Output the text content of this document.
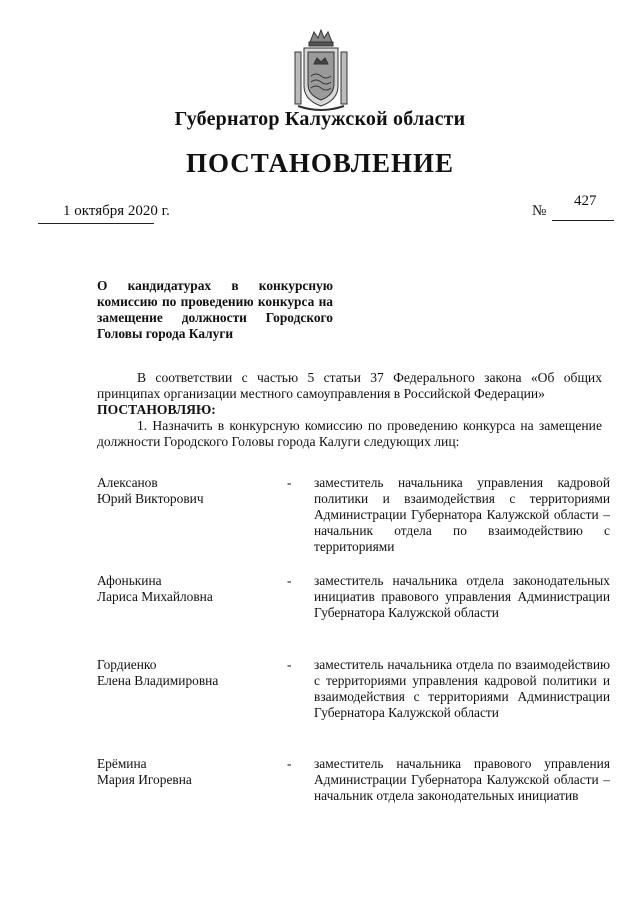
Губернатор Калужской области
ПОСТАНОВЛЕНИЕ
1 октября 2020 г.	№
427
О кандидатурах в конкурсную комиссию по проведению конкурса на замещение должности Городского Головы города Калуги

В соответствии с частью 5 статьи 37 Федерального закона «Об общих принципах организации местного самоуправления в Российской Федерации»

ПОСТАНОВЛЯЮ:

1. Назначить в конкурсную комиссию по проведению конкурса на замещение должности Городского Головы города Калуги следующих лиц:

Алексанов
Юрий Викторович
- заместитель начальника управления кадровой политики и взаимодействия с территориями Администрации Губернатора Калужской области – начальник отдела по взаимодействию с территориями
Афонькина
Лариса Михайловна
- заместитель начальника отдела законодательных инициатив правового управления Администрации Губернатора Калужской области
Гордиенко
Елена Владимировна
- заместитель начальника отдела по взаимодействию с территориями управления кадровой политики и взаимодействия с территориями Администрации Губернатора Калужской области
Ерёмина
Мария Игоревна
- заместитель начальника правового управления Администрации Губернатора Калужской области – начальник отдела законодательных инициатив
